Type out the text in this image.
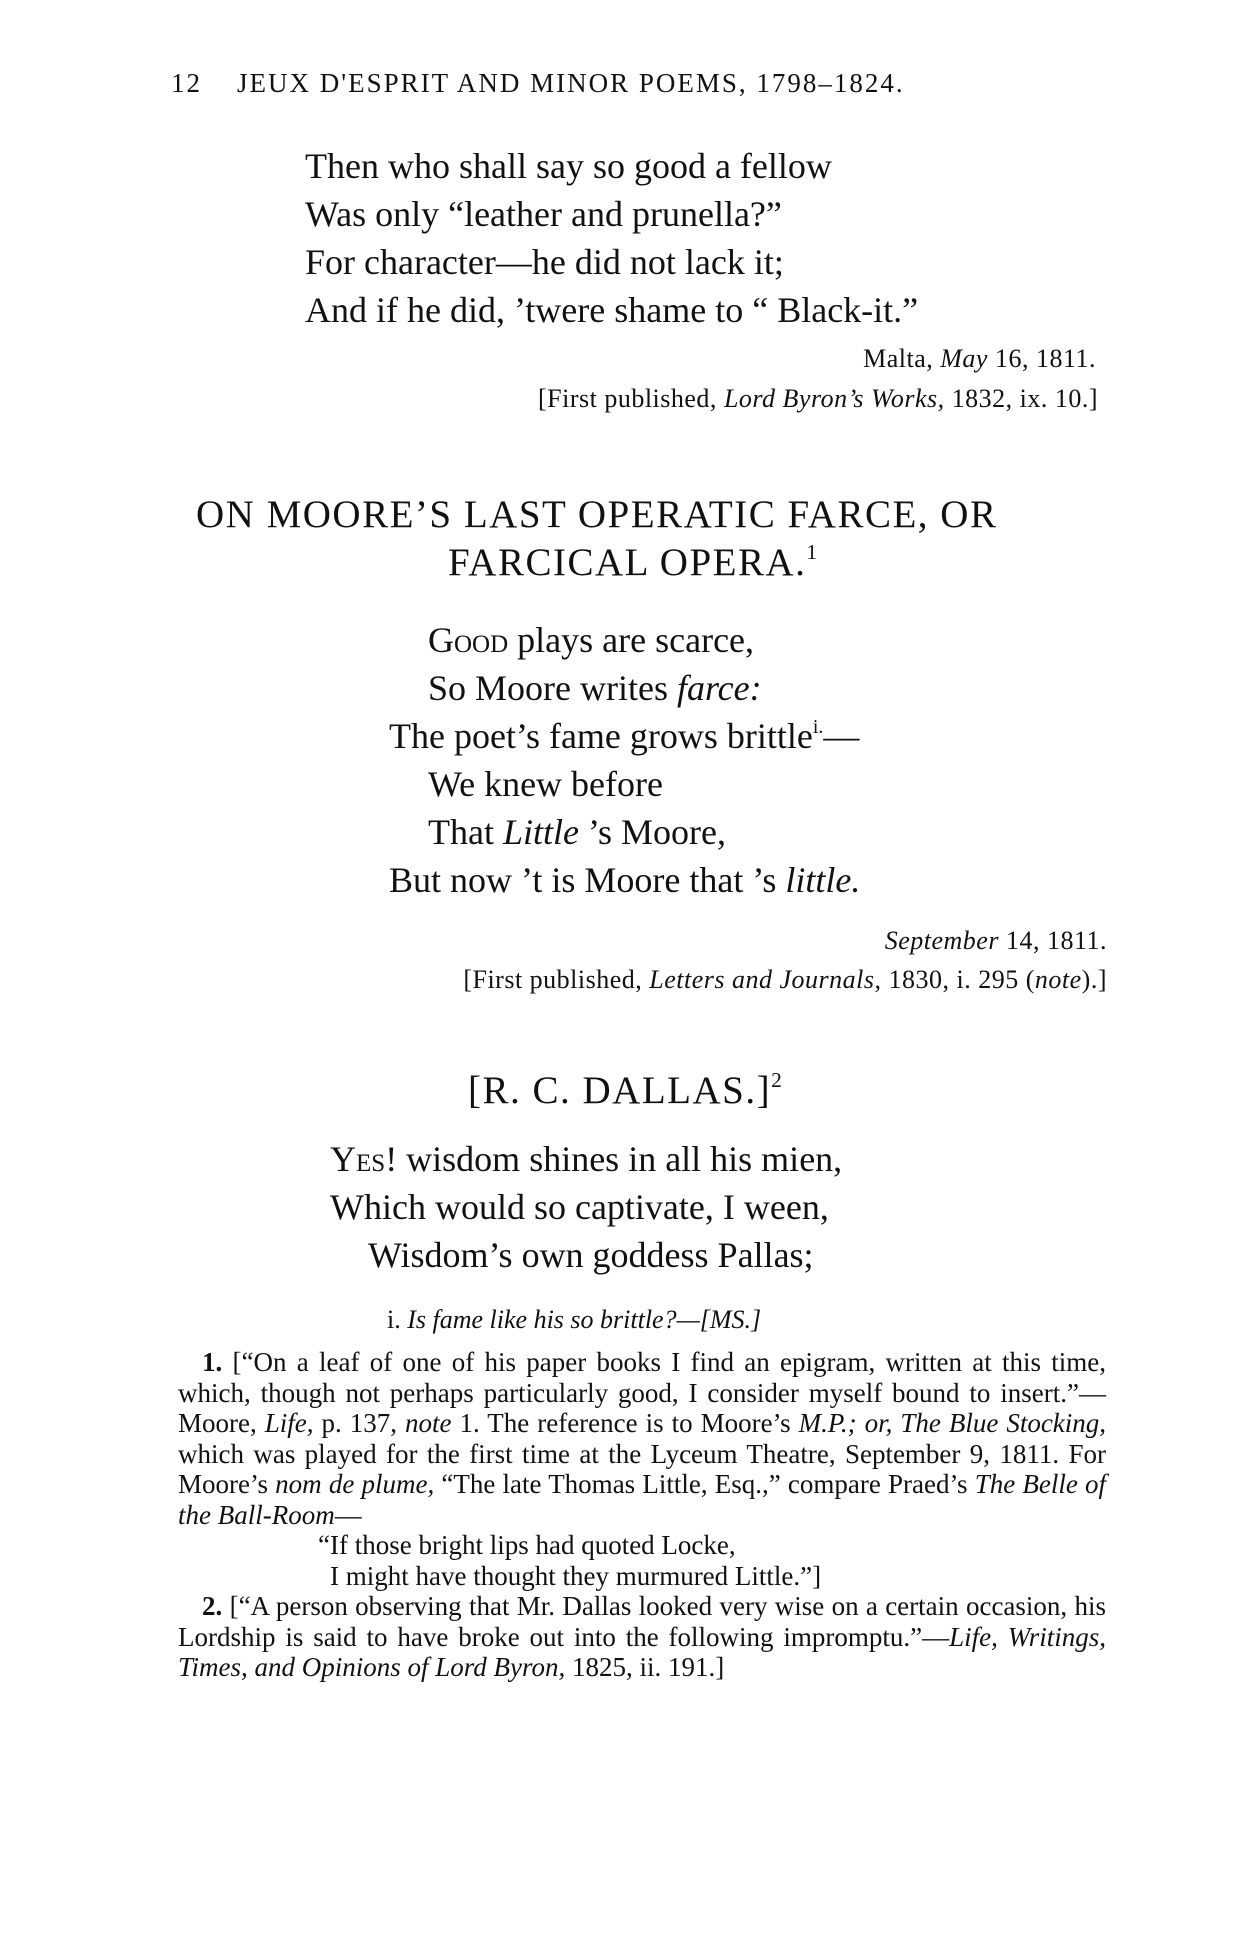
12 JEUX D'ESPRIT AND MINOR POEMS, 1798–1824.
Then who shall say so good a fellow
Was only “leather and prunella?”
For character—he did not lack it;
And if he did, ’twere shame to “ Black-it.”
Malta, May 16, 1811.
[First published, Lord Byron’s Works, 1832, ix. 10.]
ON MOORE’S LAST OPERATIC FARCE, OR
FARCICAL OPERA.$^1$
Good plays are scarce,
So Moore writes farce:
The poet’s fame grows brittle$^{i.}$—
We knew before
That Little ’s Moore,
But now ’t is Moore that ’s little.
September 14, 1811.
[First published, Letters and Journals, 1830, i. 295 (note).]
[R. C. DALLAS.]$^2$
Yes! wisdom shines in all his mien,
Which would so captivate, I ween,
Wisdom’s own goddess Pallas;
i. Is fame like his so brittle?—[MS.]

1. [“On a leaf of one of his paper books I find an epigram, written at this time, which, though not perhaps particularly good, I consider myself bound to insert.”—Moore, Life, p. 137, note 1. The reference is to Moore’s M.P.; or, The Blue Stocking, which was played for the first time at the Lyceum Theatre, September 9, 1811. For Moore’s nom de plume, “The late Thomas Little, Esq.,” compare Praed’s The Belle of the Ball-Room—

“If those bright lips had quoted Locke,

I might have thought they murmured Little.”]

2. [“A person observing that Mr. Dallas looked very wise on a certain occasion, his Lordship is said to have broke out into the following impromptu.”—Life, Writings, Times, and Opinions of Lord Byron, 1825, ii. 191.]
